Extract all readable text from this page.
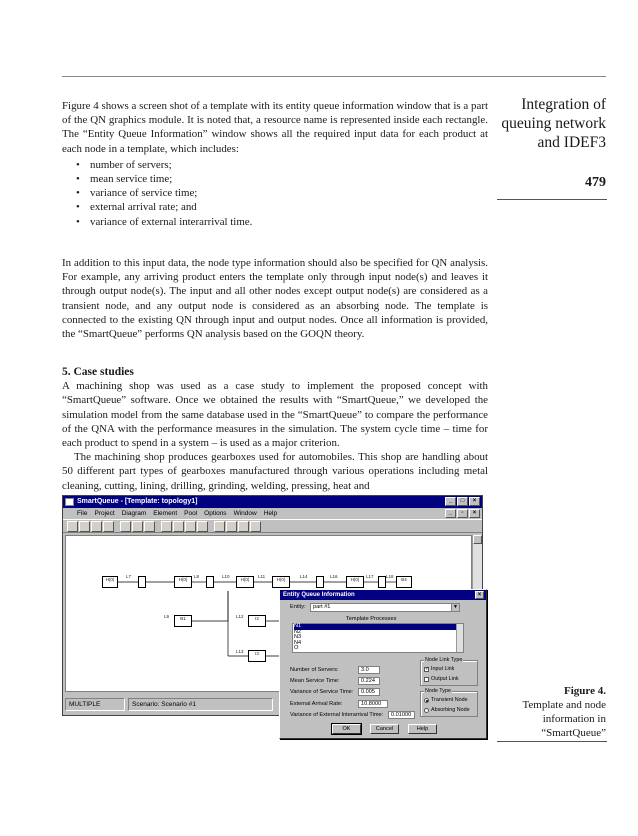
Integration of
queuing network
and IDEF3
479

Figure 4 shows a screen shot of a template with its entity queue information window that is a part of the QN graphics module. It is noted that, a resource name is represented inside each rectangle. The “Entity Queue Information” window shows all the required input data for each product at each node in a template, which includes:

• number of servers;
• mean service time;
• variance of service time;
• external arrival rate; and
• variance of external interarrival time.

In addition to this input data, the node type information should also be specified for QN analysis. For example, any arriving product enters the template only through input node(s) and leaves it through output node(s). The input and all other nodes except output node(s) are considered as a transient node, and any output node is considered as an absorbing node. The template is connected to the existing QN through input and output nodes. Once all information is provided, the “SmartQueue” performs QN analysis based on the GOQN theory.

5. Case studies

A machining shop was used as a case study to implement the proposed concept with “SmartQueue” software. Once we obtained the results with “SmartQueue,” we developed the simulation model from the same database used in the “SmartQueue” to compare the performance of the QNA with the performance measures in the simulation. The system cycle time – time for each product to spend in a system – is used as a major criterion.

The machining shop produces gearboxes used for automobiles. This shop are handling about 50 different part types of gearboxes manufactured through various operations including metal cleaning, cutting, lining, drilling, grinding, welding, pressing, heat and

SmartQueue - [Template: topology1]	_	□	×
File Project Diagram Element Pool Options Window Help	_	▫	×
H(0)	H(0)	H(0)	H(0)	H(0)	B4
B1	I2
I3
L7	L8	L10	L11	L14	L16	L17	L18
L9	L12
L13
MULTIPLE	Scenario: Scenario #1
Entity Queue Information	×
Entity:	part #1	▼
Template Processes
N1
N2
N3
N4
O
Number of Servers:	3.0
Mean Service Time:	0.224
Variance of Service Time:	0.005
External Arrival Rate:	10.8000
Variance of External Interarrival Time:	0.01000
Node Link Type
✓ Input Link
Output Link
Node Type
Transient Node
Absorbing Node
OK	Cancel	Help
Figure 4.
Template and node
information in
“SmartQueue”
